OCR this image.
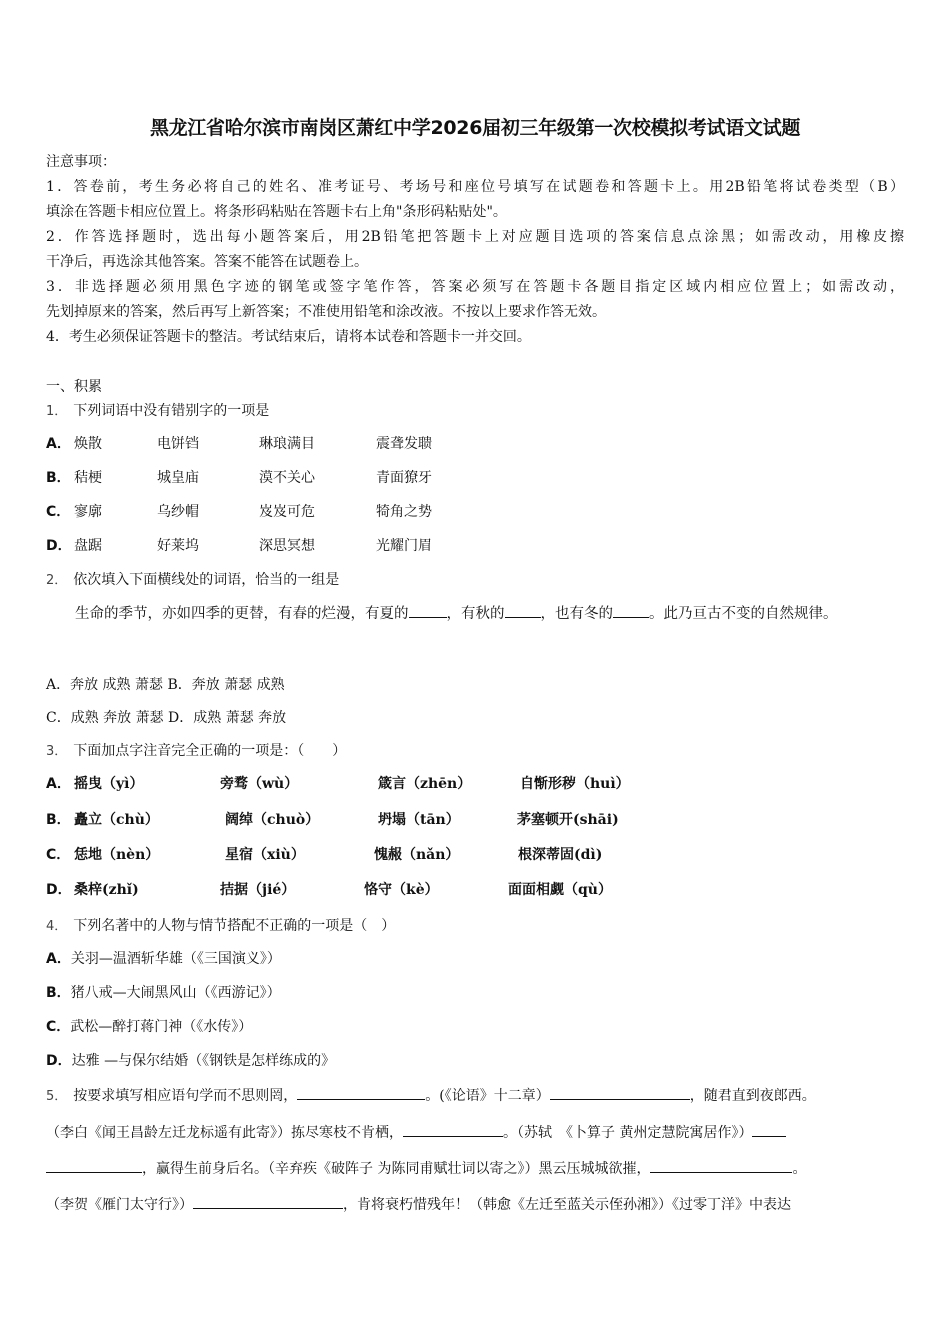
黑龙江省哈尔滨市南岗区萧红中学2026届初三年级第一次校模拟考试语文试题
注意事项：
1．答卷前，考生务必将自己的姓名、准考证号、考场号和座位号填写在试题卷和答题卡上。用2B铅笔将试卷类型（B）
填涂在答题卡相应位置上。将条形码粘贴在答题卡右上角"条形码粘贴处"。
2．作答选择题时，选出每小题答案后，用2B铅笔把答题卡上对应题目选项的答案信息点涂黑；如需改动，用橡皮擦
干净后，再选涂其他答案。答案不能答在试题卷上。
3．非选择题必须用黑色字迹的钢笔或签字笔作答，答案必须写在答题卡各题目指定区域内相应位置上；如需改动，
先划掉原来的答案，然后再写上新答案；不准使用铅笔和涂改液。不按以上要求作答无效。
4．考生必须保证答题卡的整洁。考试结束后，请将本试卷和答题卡一并交回。
一、积累
1． 下列词语中没有错别字的一项是
A． 焕散	电饼铛	琳琅满目	震聋发聩
B． 秸梗	城皇庙	漠不关心	青面獠牙
C． 寥廓	乌纱帽	岌岌可危	犄角之势
D． 盘踞	好莱坞	深思冥想	光耀门眉
2． 依次填入下面横线处的词语，恰当的一组是

生命的季节，亦如四季的更替，有春的烂漫，有夏的	，有秋的 ，也有冬的 。此乃亘古不变的自然规律。

A．奔放 成熟 萧瑟 B．奔放 萧瑟 成熟
C．成熟 奔放 萧瑟 D．成熟 萧瑟 奔放
3． 下面加点字注音完全正确的一项是：（　　）
A． 摇曳（yì）	旁骛（wù）	箴言（zhēn）	自惭形秽（huì）
B． 矗立（chù）	阔绰（chuò）	坍塌（tān）	茅塞顿开(shāi)
C． 恁地（nèn）	星宿（xiù）	愧赧（nǎn）	根深蒂固(dì)
D． 桑梓(zhǐ)	拮据（jié）	恪守（kè）	面面相觑（qù）
4． 下列名著中的人物与情节搭配不正确的一项是（　）
A．关羽—温酒斩华雄（《三国演义》）
B．猪八戒—大闹黑风山（《西游记》）
C．武松—醉打蒋门神（《水传》）
D．达雅 —与保尔结婚（《钢铁是怎样练成的》
5． 按要求填写相应语句学而不思则罔，	。(《论语》十二章）	，随君直到夜郎西。
（李白《闻王昌龄左迁龙标遥有此寄》）拣尽寒枝不肯栖，	。（苏轼　《卜算子 黄州定慧院寓居作》）
，赢得生前身后名。（辛弃疾《破阵子 为陈同甫赋壮词以寄之》）黑云压城城欲摧，	。
（李贺《雁门太守行》）	，肯将衰朽惜残年！（韩愈《左迁至蓝关示侄孙湘》）《过零丁洋》中表达
